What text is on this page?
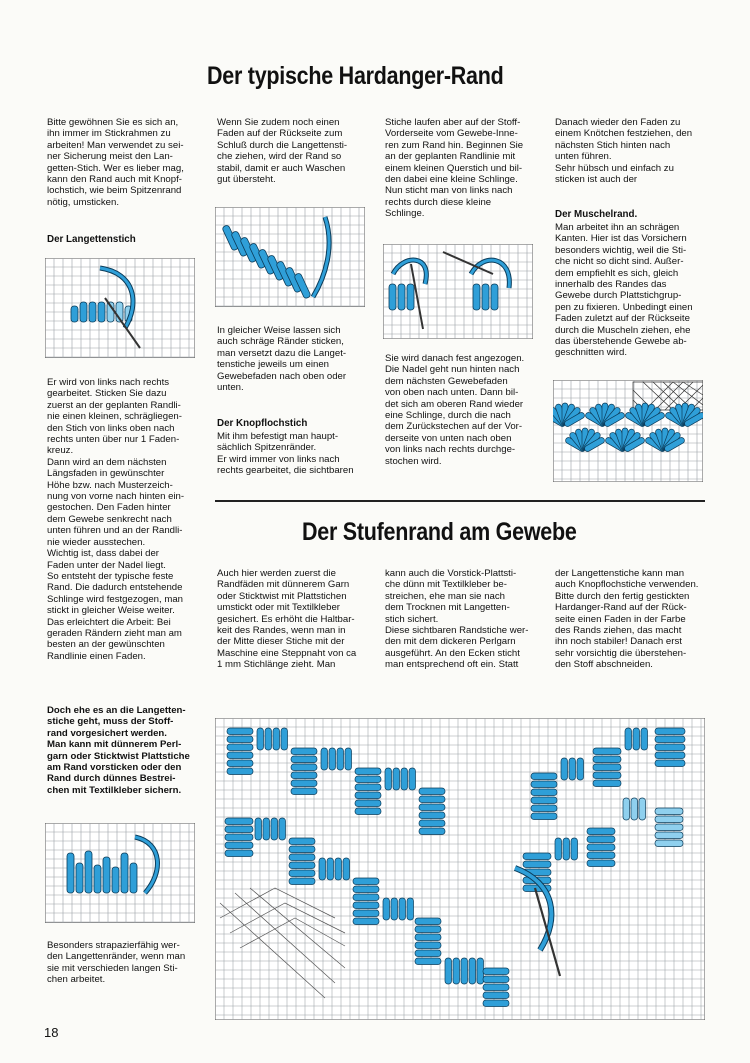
Der typische Hardanger-Rand
Bitte gewöhnen Sie es sich an,
ihn immer im Stickrahmen zu
arbeiten! Man verwendet zu sei-
ner Sicherung meist den Lan-
getten-Stich. Wer es lieber mag,
kann den Rand auch mit Knopf-
lochstich, wie beim Spitzenrand
nötig, umsticken.
Der Langettenstich
Er wird von links nach rechts
gearbeitet. Sticken Sie dazu
zuerst an der geplanten Randli-
nie einen kleinen, schrägliegen-
den Stich von links oben nach
rechts unten über nur 1 Faden-
kreuz.
Dann wird an dem nächsten
Längsfaden in gewünschter
Höhe bzw. nach Musterzeich-
nung von vorne nach hinten ein-
gestochen. Den Faden hinter
dem Gewebe senkrecht nach
unten führen und an der Randli-
nie wieder ausstechen.
Wichtig ist, dass dabei der
Faden unter der Nadel liegt.
So entsteht der typische feste
Rand. Die dadurch entstehende
Schlinge wird festgezogen, man
stickt in gleicher Weise weiter.
Das erleichtert die Arbeit: Bei
geraden Rändern zieht man am
besten an der gewünschten
Randlinie einen Faden.
Doch ehe es an die Langetten-
stiche geht, muss der Stoff-
rand vorgesichert werden.
Man kann mit dünnerem Perl-
garn oder Sticktwist Plattstiche
am Rand vorsticken oder den
Rand durch dünnes Bestrei-
chen mit Textilkleber sichern.
Besonders strapazierfähig wer-
den Langettenränder, wenn man
sie mit verschieden langen Sti-
chen arbeitet.
Wenn Sie zudem noch einen
Faden auf der Rückseite zum
Schluß durch die Langettensti-
che ziehen, wird der Rand so
stabil, damit er auch Waschen
gut übersteht.
In gleicher Weise lassen sich
auch schräge Ränder sticken,
man versetzt dazu die Langet-
tenstiche jeweils um einen
Gewebefaden nach oben oder
unten.
Der Knopflochstich
Mit ihm befestigt man haupt-
sächlich Spitzenränder.
Er wird immer von links nach
rechts gearbeitet, die sichtbaren
Stiche laufen aber auf der Stoff-
Vorderseite vom Gewebe-Inne-
ren zum Rand hin. Beginnen Sie
an der geplanten Randlinie mit
einem kleinen Querstich und bil-
den dabei eine kleine Schlinge.
Nun sticht man von links nach
rechts durch diese kleine
Schlinge.
Sie wird danach fest angezogen.
Die Nadel geht nun hinten nach
dem nächsten Gewebefaden
von oben nach unten. Dann bil-
det sich am oberen Rand wieder
eine Schlinge, durch die nach
dem Zurückstechen auf der Vor-
derseite von unten nach oben
von links nach rechts durchge-
stochen wird.
Danach wieder den Faden zu
einem Knötchen festziehen, den
nächsten Stich hinten nach
unten führen.
Sehr hübsch und einfach zu
sticken ist auch der
Der Muschelrand.
Man arbeitet ihn an schrägen
Kanten. Hier ist das Vorsichern
besonders wichtig, weil die Sti-
che nicht so dicht sind. Außer-
dem empfiehlt es sich, gleich
innerhalb des Randes das
Gewebe durch Plattstichgrup-
pen zu fixieren. Unbedingt einen
Faden zuletzt auf der Rückseite
durch die Muscheln ziehen, ehe
das überstehende Gewebe ab-
geschnitten wird.
Der Stufenrand am Gewebe
Auch hier werden zuerst die
Randfäden mit dünnerem Garn
oder Sticktwist mit Plattstichen
umstickt oder mit Textilkleber
gesichert. Es erhöht die Haltbar-
keit des Randes, wenn man in
der Mitte dieser Stiche mit der
Maschine eine Steppnaht von ca
1 mm Stichlänge zieht. Man
kann auch die Vorstick-Plattsti-
che dünn mit Textilkleber be-
streichen, ehe man sie nach
dem Trocknen mit Langetten-
stich sichert.
Diese sichtbaren Randstiche wer-
den mit dem dickeren Perlgarn
ausgeführt. An den Ecken sticht
man entsprechend oft ein. Statt
der Langettenstiche kann man
auch Knopflochstiche verwenden.
Bitte durch den fertig gestickten
Hardanger-Rand auf der Rück-
seite einen Faden in der Farbe
des Rands ziehen, das macht
ihn noch stabiler! Danach erst
sehr vorsichtig die überstehen-
den Stoff abschneiden.
18
